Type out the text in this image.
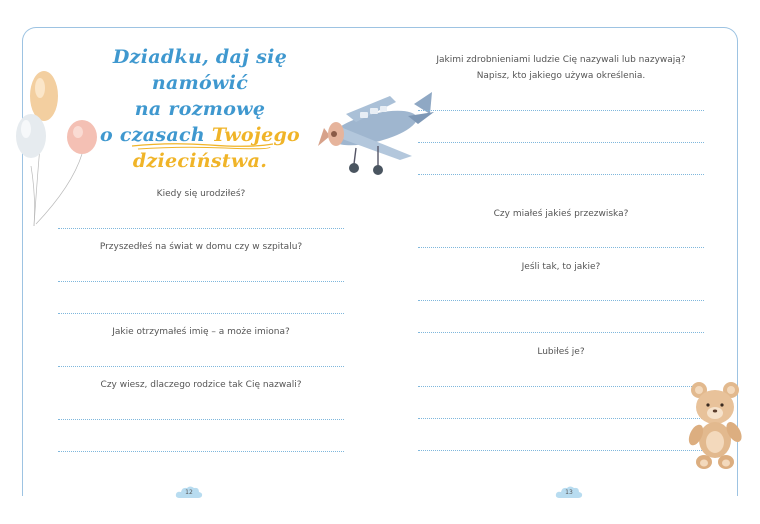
Dziadku, daj się namówić
na rozmowę
o czasach Twojego
dzieciństwa.
Kiedy się urodziłeś?
Przyszedłeś na świat w domu czy w szpitalu?
Jakie otrzymałeś imię – a może imiona?
Czy wiesz, dlaczego rodzice tak Cię nazwali?
Jakimi zdrobnieniami ludzie Cię nazywali lub nazywają?
Napisz, kto jakiego używa określenia.
Czy miałeś jakieś przezwiska?
Jeśli tak, to jakie?
Lubiłeś je?
12	13
